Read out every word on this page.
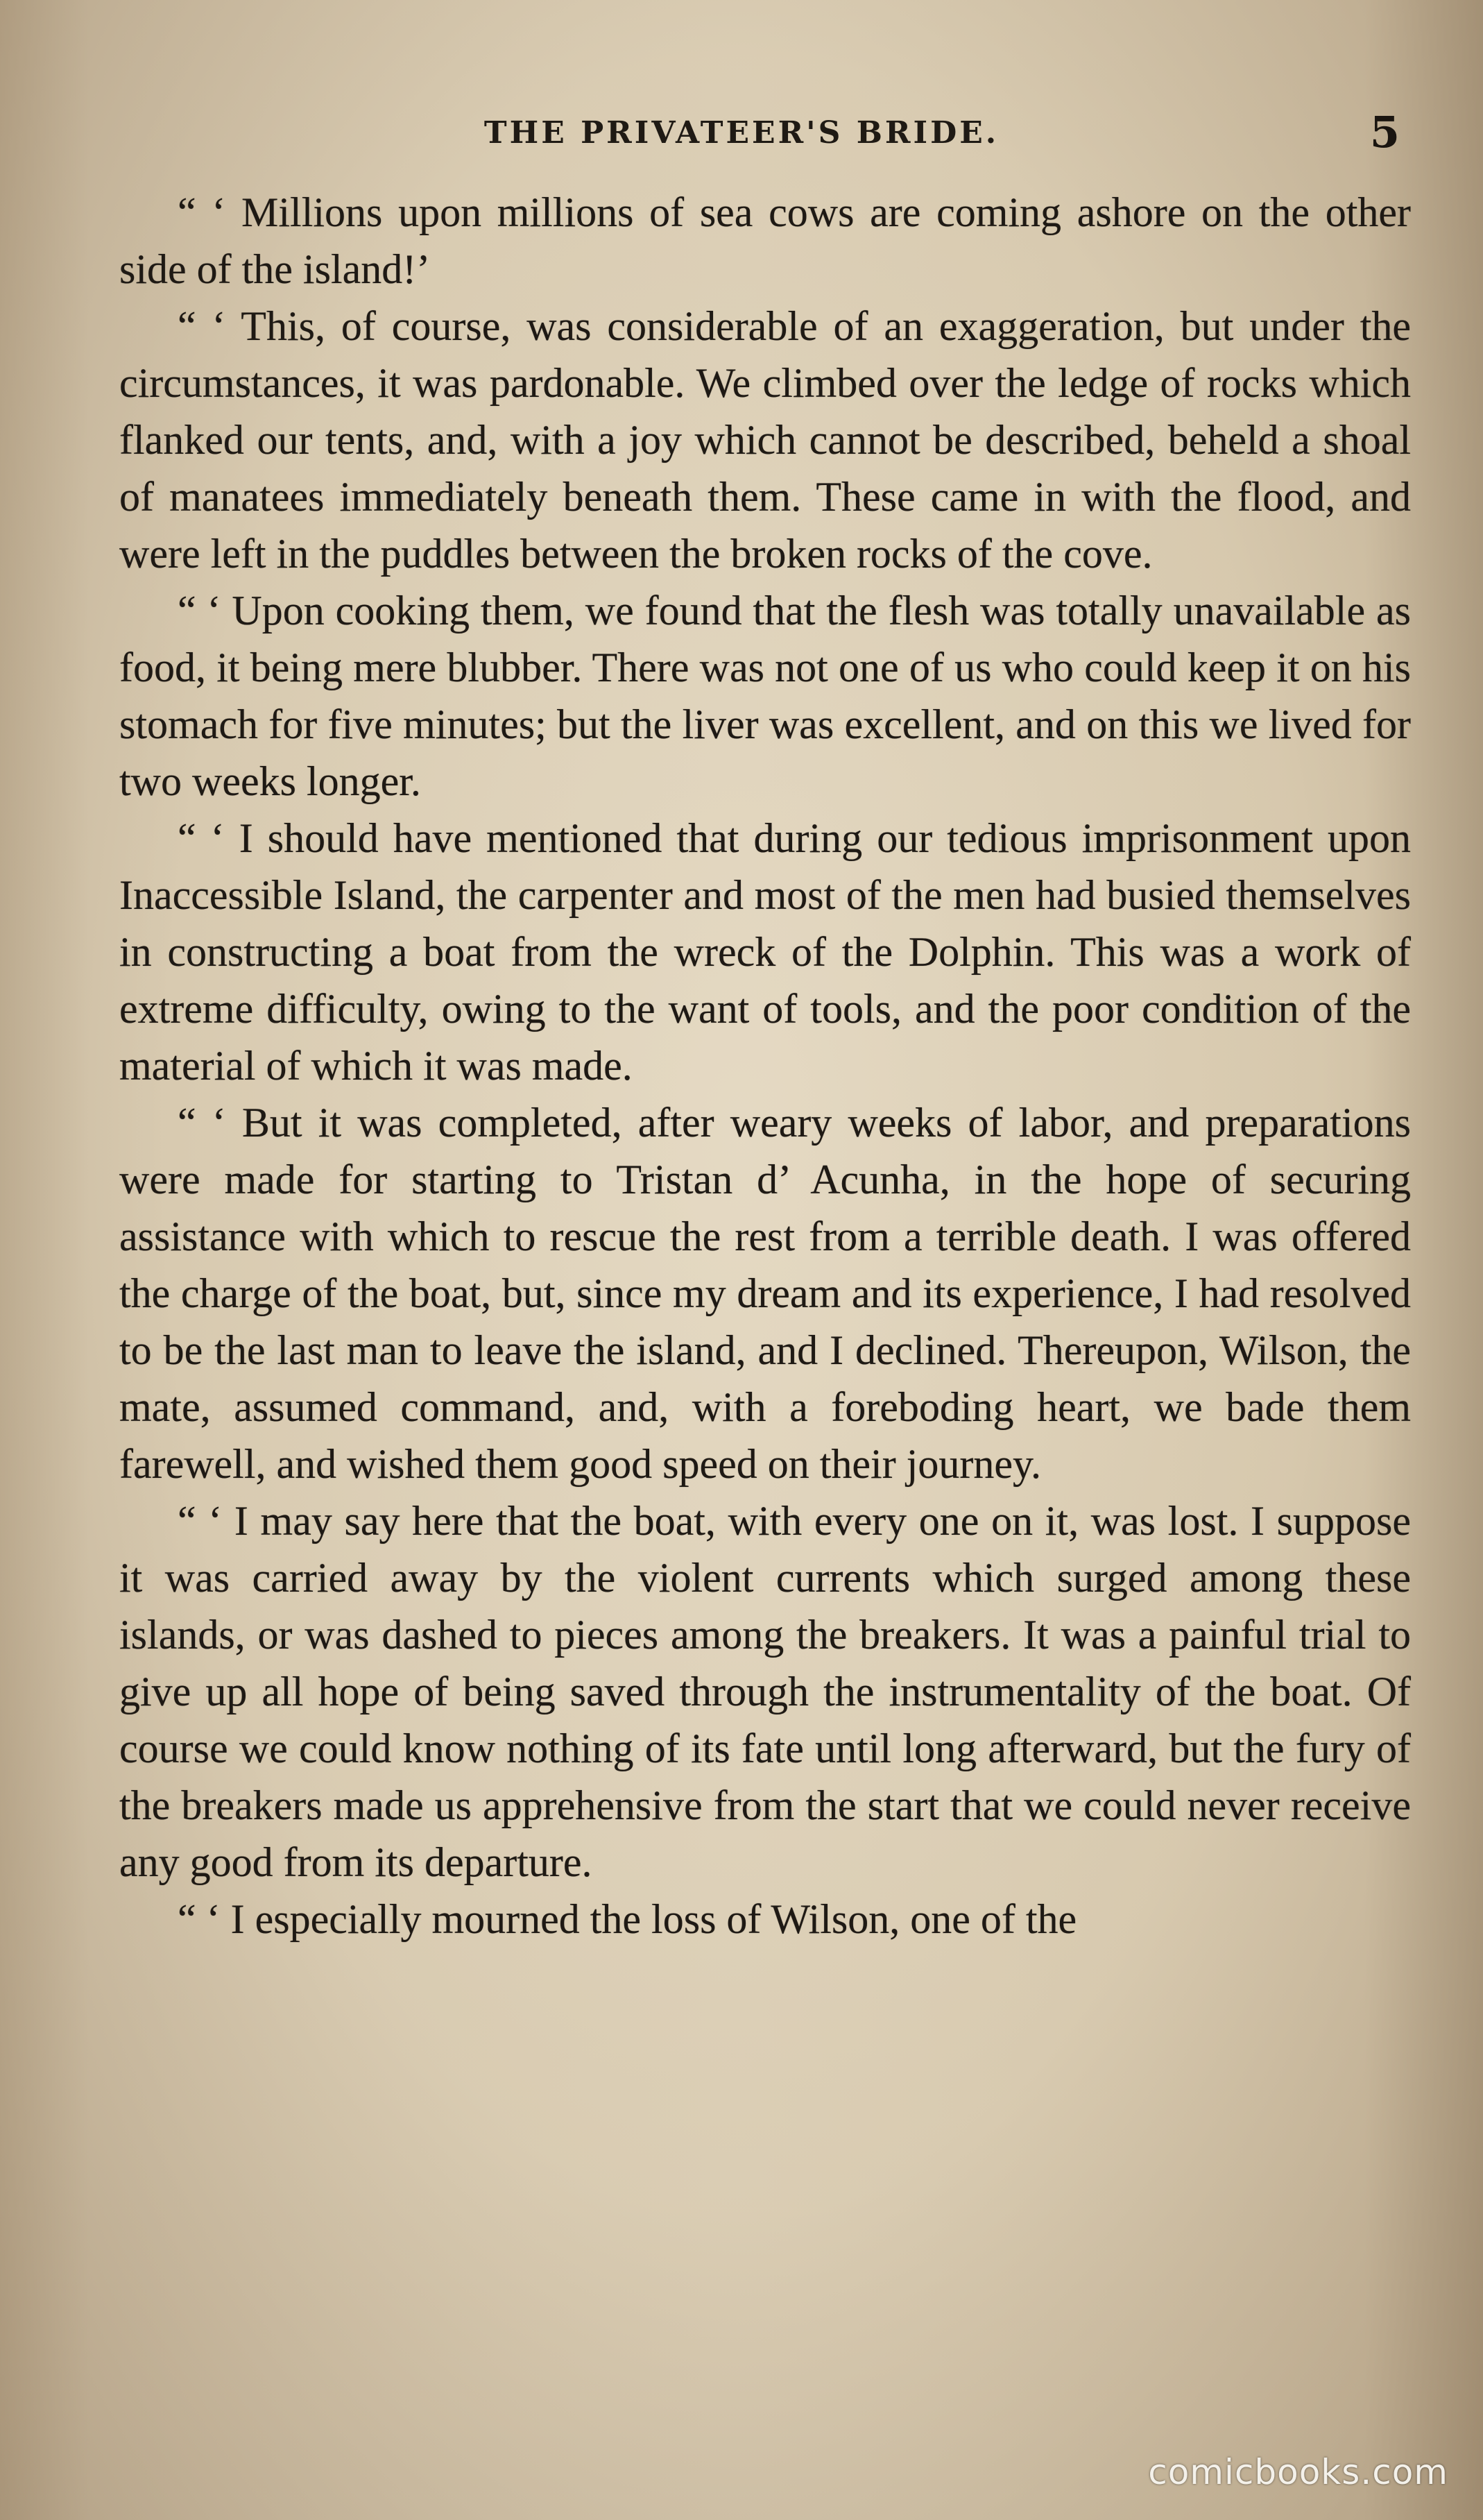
THE PRIVATEER'S BRIDE.	5

“ ‘ Millions upon millions of sea cows are coming ashore on the other side of the island!’

“ ‘ This, of course, was considerable of an exaggeration, but under the circumstances, it was pardonable. We climbed over the ledge of rocks which flanked our tents, and, with a joy which cannot be described, beheld a shoal of manatees immediately beneath them. These came in with the flood, and were left in the puddles between the broken rocks of the cove.

“ ‘ Upon cooking them, we found that the flesh was totally unavailable as food, it being mere blubber. There was not one of us who could keep it on his stomach for five minutes; but the liver was excellent, and on this we lived for two weeks longer.

“ ‘ I should have mentioned that during our tedious imprisonment upon Inaccessible Island, the carpenter and most of the men had busied themselves in constructing a boat from the wreck of the Dolphin. This was a work of extreme difficulty, owing to the want of tools, and the poor condition of the material of which it was made.

“ ‘ But it was completed, after weary weeks of labor, and preparations were made for starting to Tristan d’ Acunha, in the hope of securing assistance with which to rescue the rest from a terrible death. I was offered the charge of the boat, but, since my dream and its experience, I had resolved to be the last man to leave the island, and I declined. Thereupon, Wilson, the mate, assumed command, and, with a foreboding heart, we bade them farewell, and wished them good speed on their journey.

“ ‘ I may say here that the boat, with every one on it, was lost. I suppose it was carried away by the violent currents which surged among these islands, or was dashed to pieces among the breakers. It was a painful trial to give up all hope of being saved through the instrumentality of the boat. Of course we could know nothing of its fate until long afterward, but the fury of the breakers made us apprehensive from the start that we could never receive any good from its departure.

“ ‘ I especially mourned the loss of Wilson, one of the

comicbooks.com
